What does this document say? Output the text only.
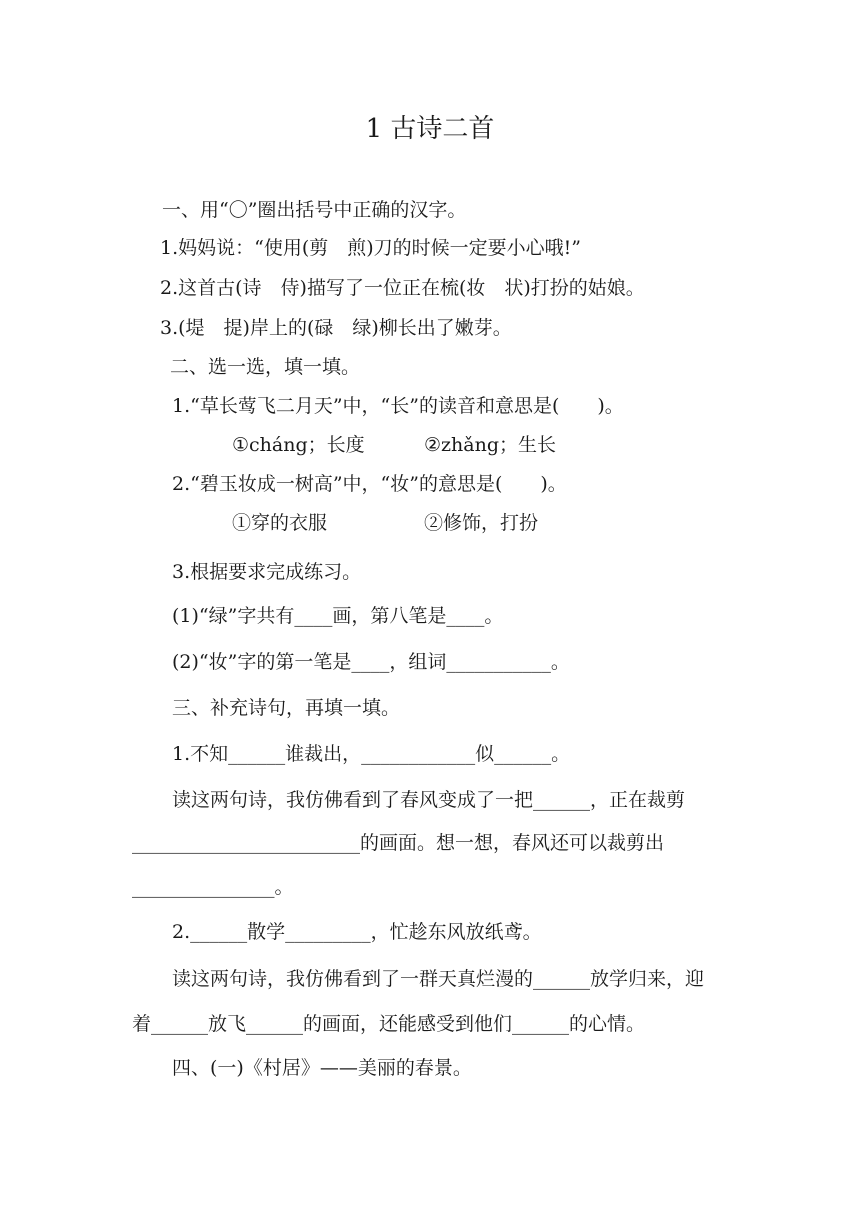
1 古诗二首
一、用“〇”圈出括号中正确的汉字。
1.妈妈说：“使用(剪　煎)刀的时候一定要小心哦!”
2.这首古(诗　侍)描写了一位正在梳(妆　状)打扮的姑娘。
3.(堤　提)岸上的(碌　绿)柳长出了嫩芽。
二、选一选，填一填。
1.“草长莺飞二月天”中，“长”的读音和意思是(　　)。
①cháng；长度	②zhǎng；生长
2.“碧玉妆成一树高”中，“妆”的意思是(　　)。
①穿的衣服	②修饰，打扮
3.根据要求完成练习。
(1)“绿”字共有____画，第八笔是____。
(2)“妆”字的第一笔是____，组词___________。
三、补充诗句，再填一填。
1.不知______谁裁出，____________似______。
读这两句诗，我仿佛看到了春风变成了一把______，正在裁剪
________________________的画面。想一想，春风还可以裁剪出
_______________。
2.______散学_________，忙趁东风放纸鸢。
读这两句诗，我仿佛看到了一群天真烂漫的______放学归来，迎
着______放飞______的画面，还能感受到他们______的心情。
四、(一)《村居》——美丽的春景。
